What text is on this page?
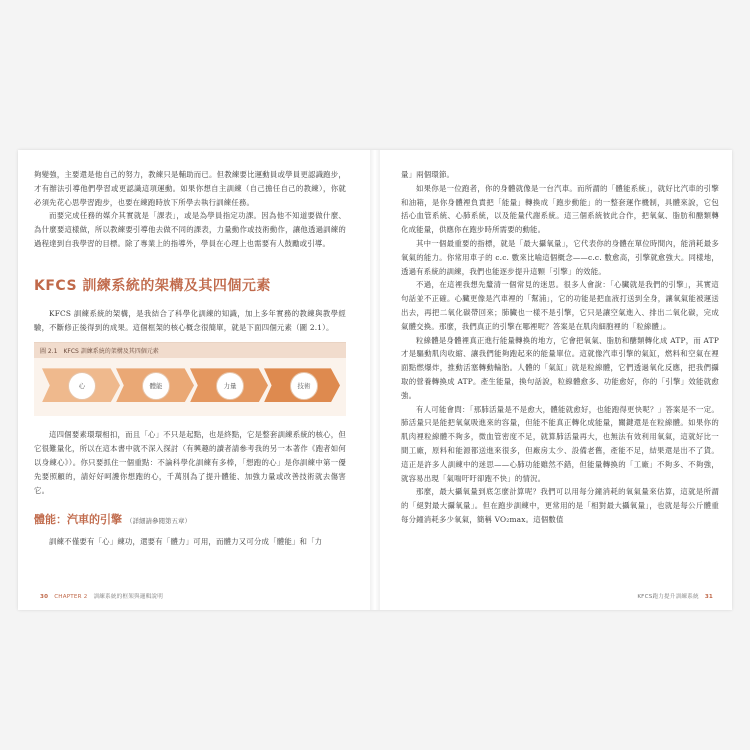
夠變強，主要還是他自己的努力，教練只是輔助而已。但教練要比運動員或學員更認識跑步，才有辦法引導他們學習或更認識這項運動。如果你想自主訓練（自己擔任自己的教練），你就必須先花心思學習跑步，也要在練跑時放下所學去執行訓練任務。

而要完成任務的媒介其實就是「課表」，或是為學員指定功課。因為他不知道要做什麼、為什麼要這樣做，所以教練要引導他去做不同的課表，力量動作或技術動作，讓他透過訓練的過程達到自我學習的目標。除了專業上的指導外，學員在心理上也需要有人鼓勵或引導。

KFCS 訓練系統的架構及其四個元素

KFCS 訓練系統的架構，是我結合了科學化訓練的知識，加上多年實務的教練與教學經驗，不斷修正後得到的成果。這個框架的核心概念很簡單，就是下面四個元素（圖 2.1）。

圖 2.1　KFCS 訓練系統的架構及其四個元素
心	體能	力量	技術

這四個要素環環相扣，而且「心」不只是起點，也是終點，它是整套訓練系統的核心，但它很難量化，所以在這本書中就不深入探討（有興趣的讀者請參考我的另一本著作《跑者如何以身練心》）。你只要抓住一個重點：不論科學化訓練有多棒，「想跑的心」是你訓練中第一優先要照顧的，請好好呵護你想跑的心，千萬別為了提升體能、加強力量或改善技術就去傷害它。

體能：汽車的引擎 （詳細請參閱第五章）

訓練不僅要有「心」練功，還要有「體力」可用，而體力又可分成「體能」和「力

量」兩個環節。

如果你是一位跑者，你的身體就像是一台汽車。而所謂的「體能系統」，就好比汽車的引擎和油箱，是你身體裡負責把「能量」轉換成「跑步動能」的一整套運作機制，具體來說，它包括心血管系統、心肺系統，以及能量代謝系統。這三個系統彼此合作，把氧氣、脂肪和醣類轉化成能量，供應你在跑步時所需要的動能。

其中一個最重要的指標，就是「最大攝氧量」，它代表你的身體在單位時間內，能消耗最多氧氣的能力。你常用車子的 c.c. 數來比喻這個概念——c.c. 數愈高，引擎就愈強大。同樣地，透過有系統的訓練，我們也能逐步提升這顆「引擎」的效能。

不過，在這裡我想先釐清一個常見的迷思。很多人會說：「心臟就是我們的引擎」，其實這句話並不正確。心臟更像是汽車裡的「幫浦」，它的功能是把血液打送到全身，讓氧氣能被運送出去，再把二氧化碳帶回來；肺臟也一樣不是引擎，它只是讓空氣進入、排出二氧化碳，完成氣體交換。那麼，我們真正的引擎在哪裡呢？答案是在肌肉細胞裡的「粒線體」。

粒線體是身體裡真正進行能量轉換的地方，它會把氧氣、脂肪和醣類轉化成 ATP，而 ATP 才是驅動肌肉收縮、讓我們能夠跑起來的能量單位。這就像汽車引擎的氣缸，燃料和空氣在裡面點燃爆炸，推動活塞轉動輪胎。人體的「氣缸」就是粒線體，它們透過氧化反應，把我們攝取的營養轉換成 ATP。產生能量，換句話說，粒線體愈多、功能愈好，你的「引擎」效能就愈強。

有人可能會問：「那肺活量是不是愈大，體能就愈好，也能跑得更快呢？」答案是不一定。肺活量只是能把氧氣吸進來的容量，但能不能真正轉化成能量，關鍵還是在粒線體。如果你的肌肉裡粒線體不夠多，微血管密度不足，就算肺活量再大，也無法有效利用氧氣，這就好比一間工廠，原料和能源都送進來很多，但廠房太少、設備老舊，產能不足，結果還是出不了貨。這正是許多人訓練中的迷思——心肺功能雖然不錯，但能量轉換的「工廠」不夠多、不夠強，就容易出現「氣喘吁吁卻跑不快」的情況。

那麼，最大攝氧量到底怎麼計算呢？我們可以用每分鐘消耗的氧氣量來估算，這就是所謂的「絕對最大攝氧量」。但在跑步訓練中，更常用的是「相對最大攝氧量」，也就是每公斤體重每分鐘消耗多少氧氣，簡稱 VO₂max。這個數值

30 CHAPTER 2 訓練系統的框架與邏輯說明	KFCS跑力提升訓練系統 31
